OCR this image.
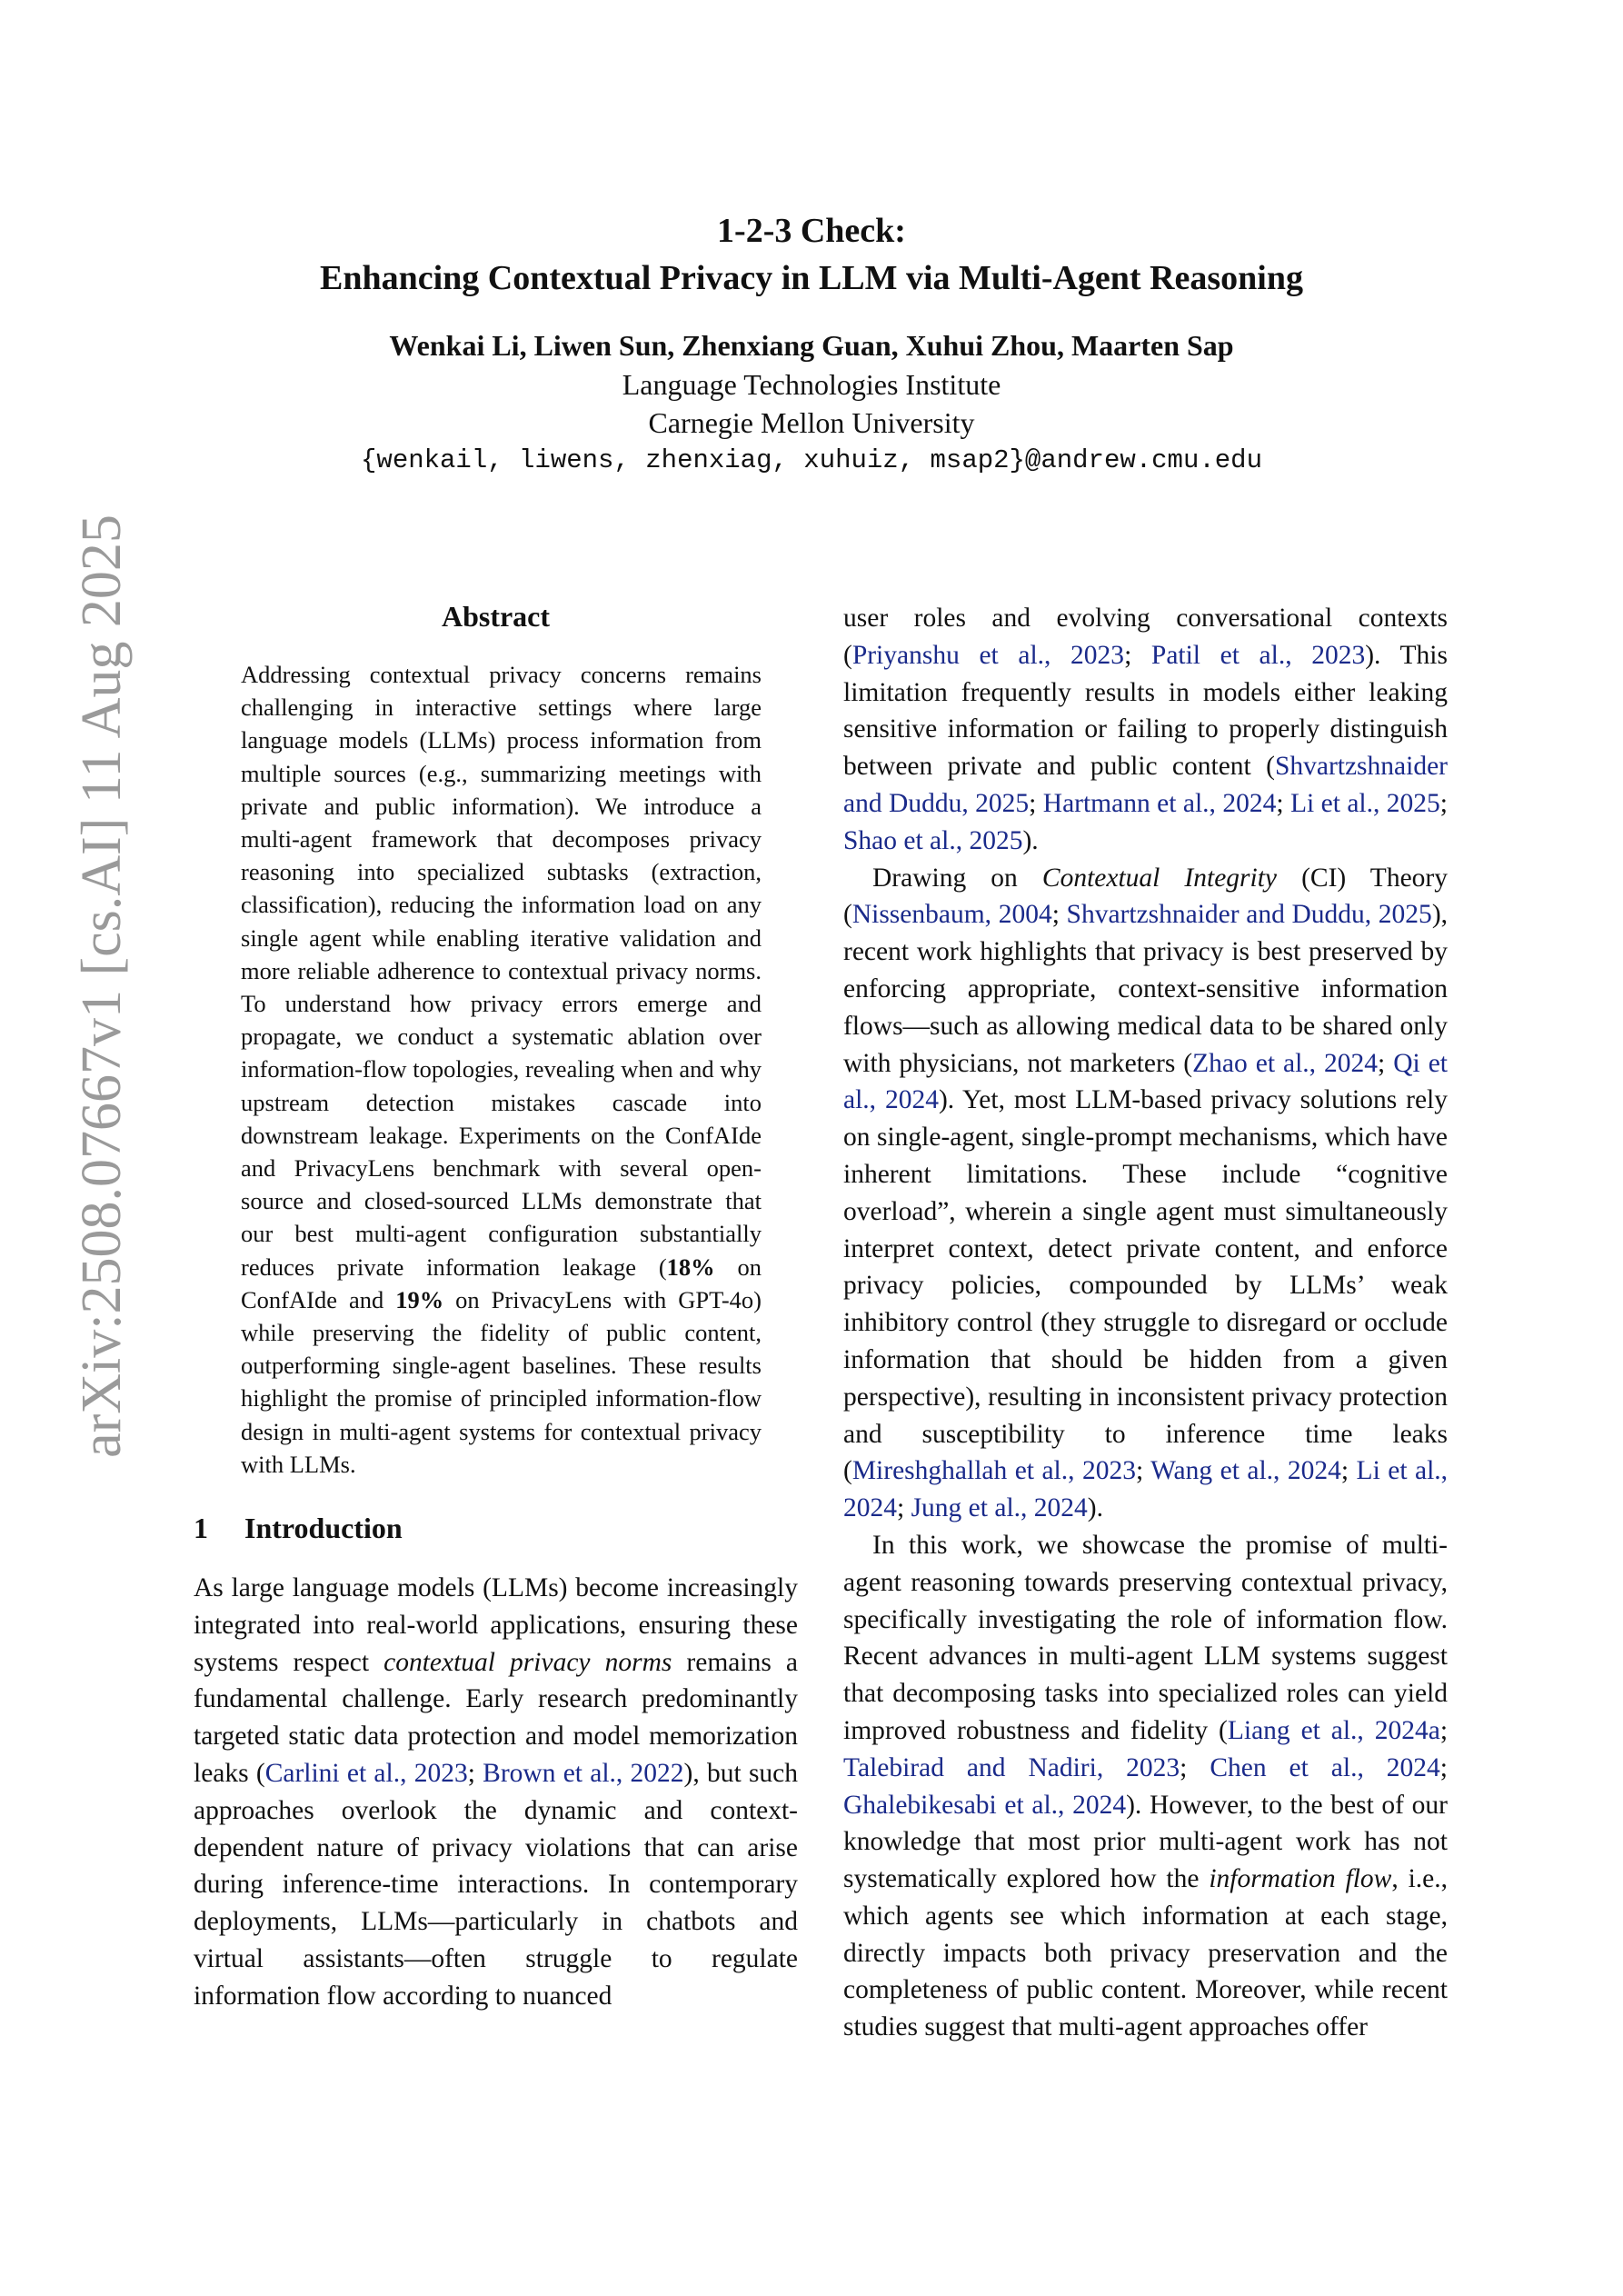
arXiv:2508.07667v1 [cs.AI] 11 Aug 2025
1-2-3 Check:
Enhancing Contextual Privacy in LLM via Multi-Agent Reasoning
Wenkai Li, Liwen Sun, Zhenxiang Guan, Xuhui Zhou, Maarten Sap
Language Technologies Institute
Carnegie Mellon University
{wenkail, liwens, zhenxiag, xuhuiz, msap2}@andrew.cmu.edu
Abstract
Addressing contextual privacy concerns remains challenging in interactive settings where large language models (LLMs) process information from multiple sources (e.g., summarizing meetings with private and public information). We introduce a multi-agent framework that decomposes privacy reasoning into specialized subtasks (extraction, classification), reducing the information load on any single agent while enabling iterative validation and more reliable adherence to contextual privacy norms. To understand how privacy errors emerge and propagate, we conduct a systematic ablation over information-flow topologies, revealing when and why upstream detection mistakes cascade into downstream leakage. Experiments on the ConfAIde and PrivacyLens benchmark with several open-source and closed-sourced LLMs demonstrate that our best multi-agent configuration substantially reduces private information leakage (18% on ConfAIde and 19% on PrivacyLens with GPT-4o) while preserving the fidelity of public content, outperforming single-agent baselines. These results highlight the promise of principled information-flow design in multi-agent systems for contextual privacy with LLMs.
1 Introduction

As large language models (LLMs) become increasingly integrated into real-world applications, ensuring these systems respect contextual privacy norms remains a fundamental challenge. Early research predominantly targeted static data protection and model memorization leaks (Carlini et al., 2023; Brown et al., 2022), but such approaches overlook the dynamic and context-dependent nature of privacy violations that can arise during inference-time interactions. In contemporary deployments, LLMs—particularly in chatbots and virtual assistants—often struggle to regulate information flow according to nuanced

user roles and evolving conversational contexts (Priyanshu et al., 2023; Patil et al., 2023). This limitation frequently results in models either leaking sensitive information or failing to properly distinguish between private and public content (Shvartzshnaider and Duddu, 2025; Hartmann et al., 2024; Li et al., 2025; Shao et al., 2025).

Drawing on Contextual Integrity (CI) Theory (Nissenbaum, 2004; Shvartzshnaider and Duddu, 2025), recent work highlights that privacy is best preserved by enforcing appropriate, context-sensitive information flows—such as allowing medical data to be shared only with physicians, not marketers (Zhao et al., 2024; Qi et al., 2024). Yet, most LLM-based privacy solutions rely on single-agent, single-prompt mechanisms, which have inherent limitations. These include “cognitive overload”, wherein a single agent must simultaneously interpret context, detect private content, and enforce privacy policies, compounded by LLMs’ weak inhibitory control (they struggle to disregard or occlude information that should be hidden from a given perspective), resulting in inconsistent privacy protection and susceptibility to inference time leaks (Mireshghallah et al., 2023; Wang et al., 2024; Li et al., 2024; Jung et al., 2024).

In this work, we showcase the promise of multi-agent reasoning towards preserving contextual privacy, specifically investigating the role of information flow. Recent advances in multi-agent LLM systems suggest that decomposing tasks into specialized roles can yield improved robustness and fidelity (Liang et al., 2024a; Talebirad and Nadiri, 2023; Chen et al., 2024; Ghalebikesabi et al., 2024). However, to the best of our knowledge that most prior multi-agent work has not systematically explored how the information flow, i.e., which agents see which information at each stage, directly impacts both privacy preservation and the completeness of public content. Moreover, while recent studies suggest that multi-agent approaches offer
